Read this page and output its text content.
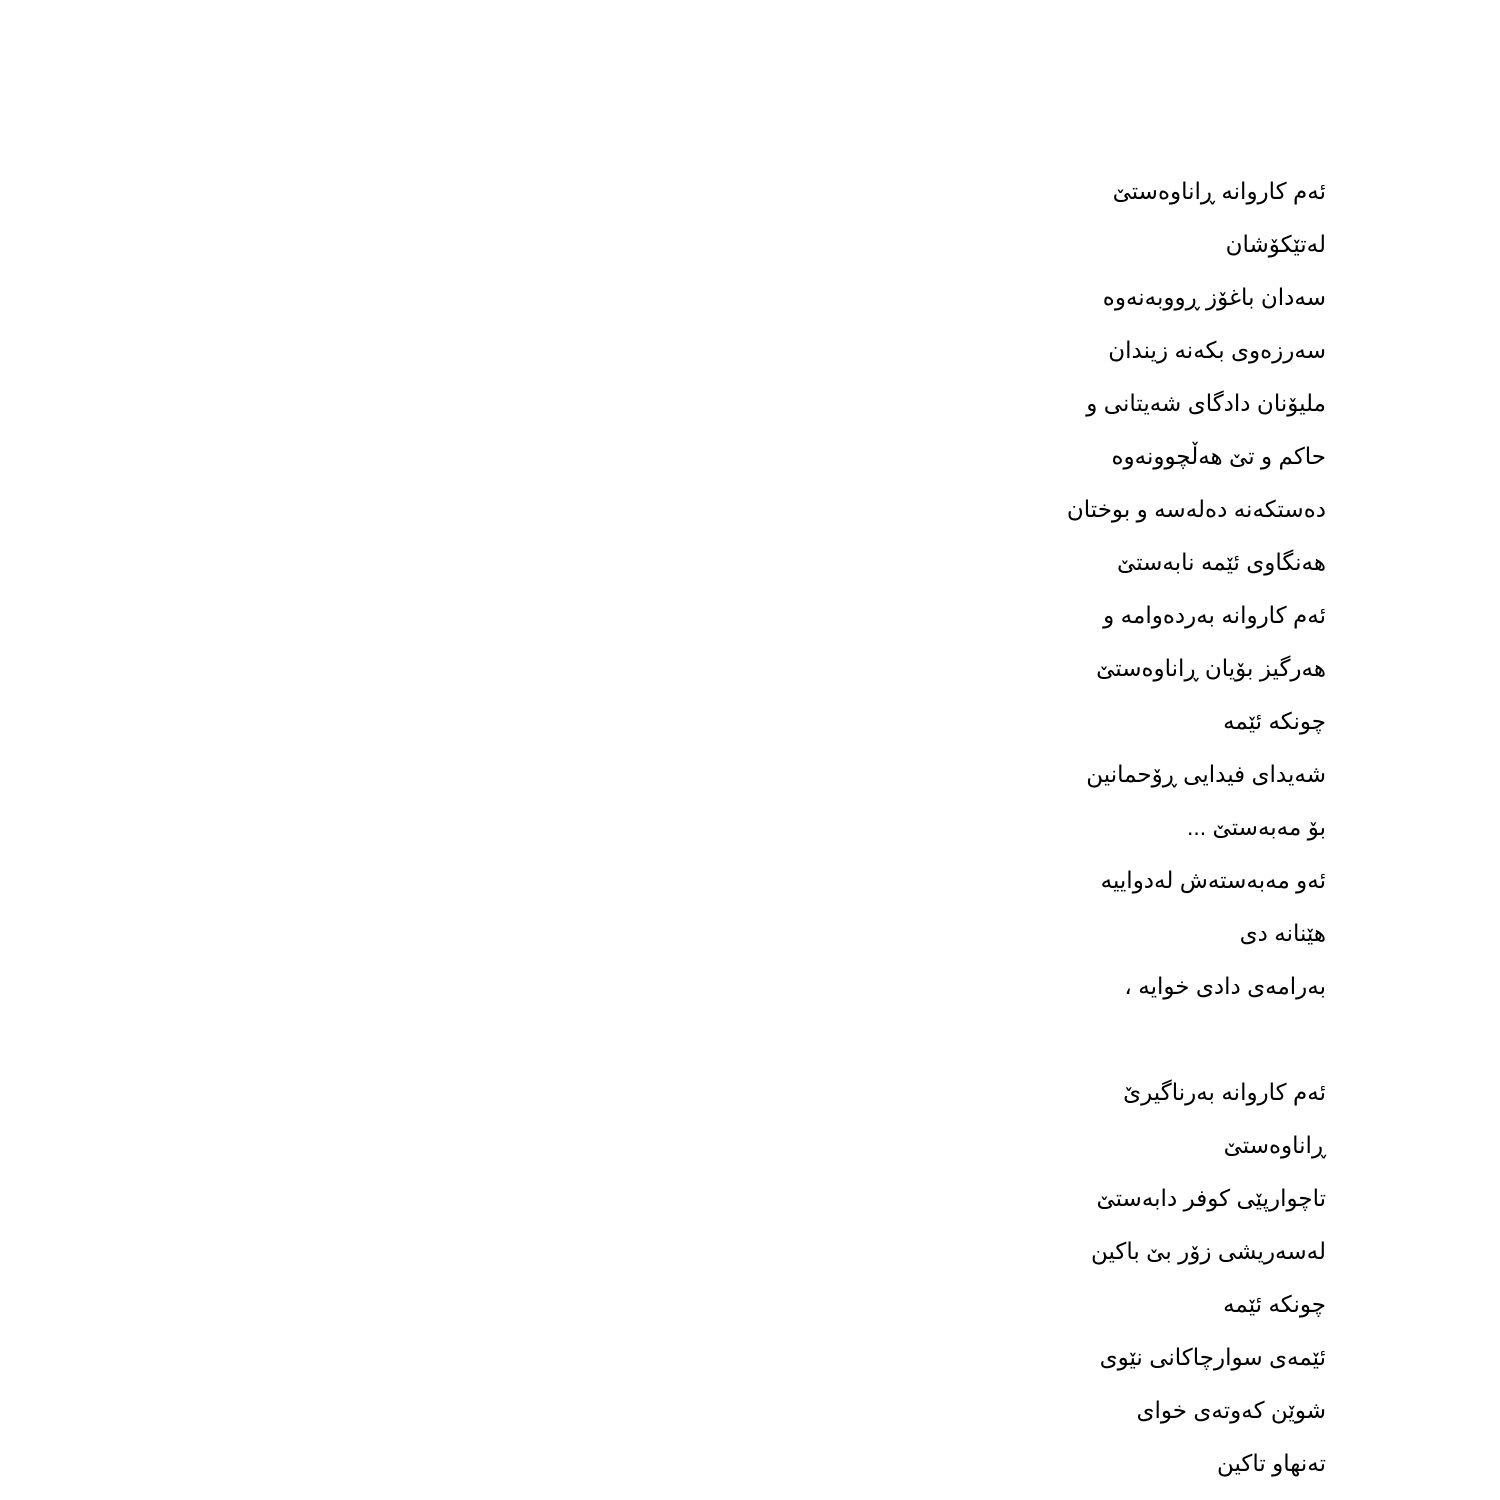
ئەم کاروانە ڕاناوەستێ
لەتێکۆشان
سەدان باغۆز ڕووبەنەوە
سەرزەوی بکەنە زیندان
ملیۆنان دادگای شەیتانی و
حاکم و تێ هەڵچوونەوە
دەستکەنە دەلەسە و بوختان
هەنگاوی ئێمە نابەستێ
ئەم کاروانە بەردەوامە و
هەرگیز بۆیان ڕاناوەستێ
چونکە ئێمە
شەیدای فیدایی ڕۆحمانین
بۆ مەبەستێ ...
ئەو مەبەستەش لەدواییە
هێنانە دی
بەرامەی دادی خوایە ،
ئەم کاروانە بەرناگیرێ
ڕاناوەستێ
تاچوارپێی کوفر دابەستێ
لەسەریشی زۆر بێ باکین
چونکە ئێمە
ئێمەی سوارچاکانی نێوی
شوێن کەوتەی خوای
تەنهاو تاکین
